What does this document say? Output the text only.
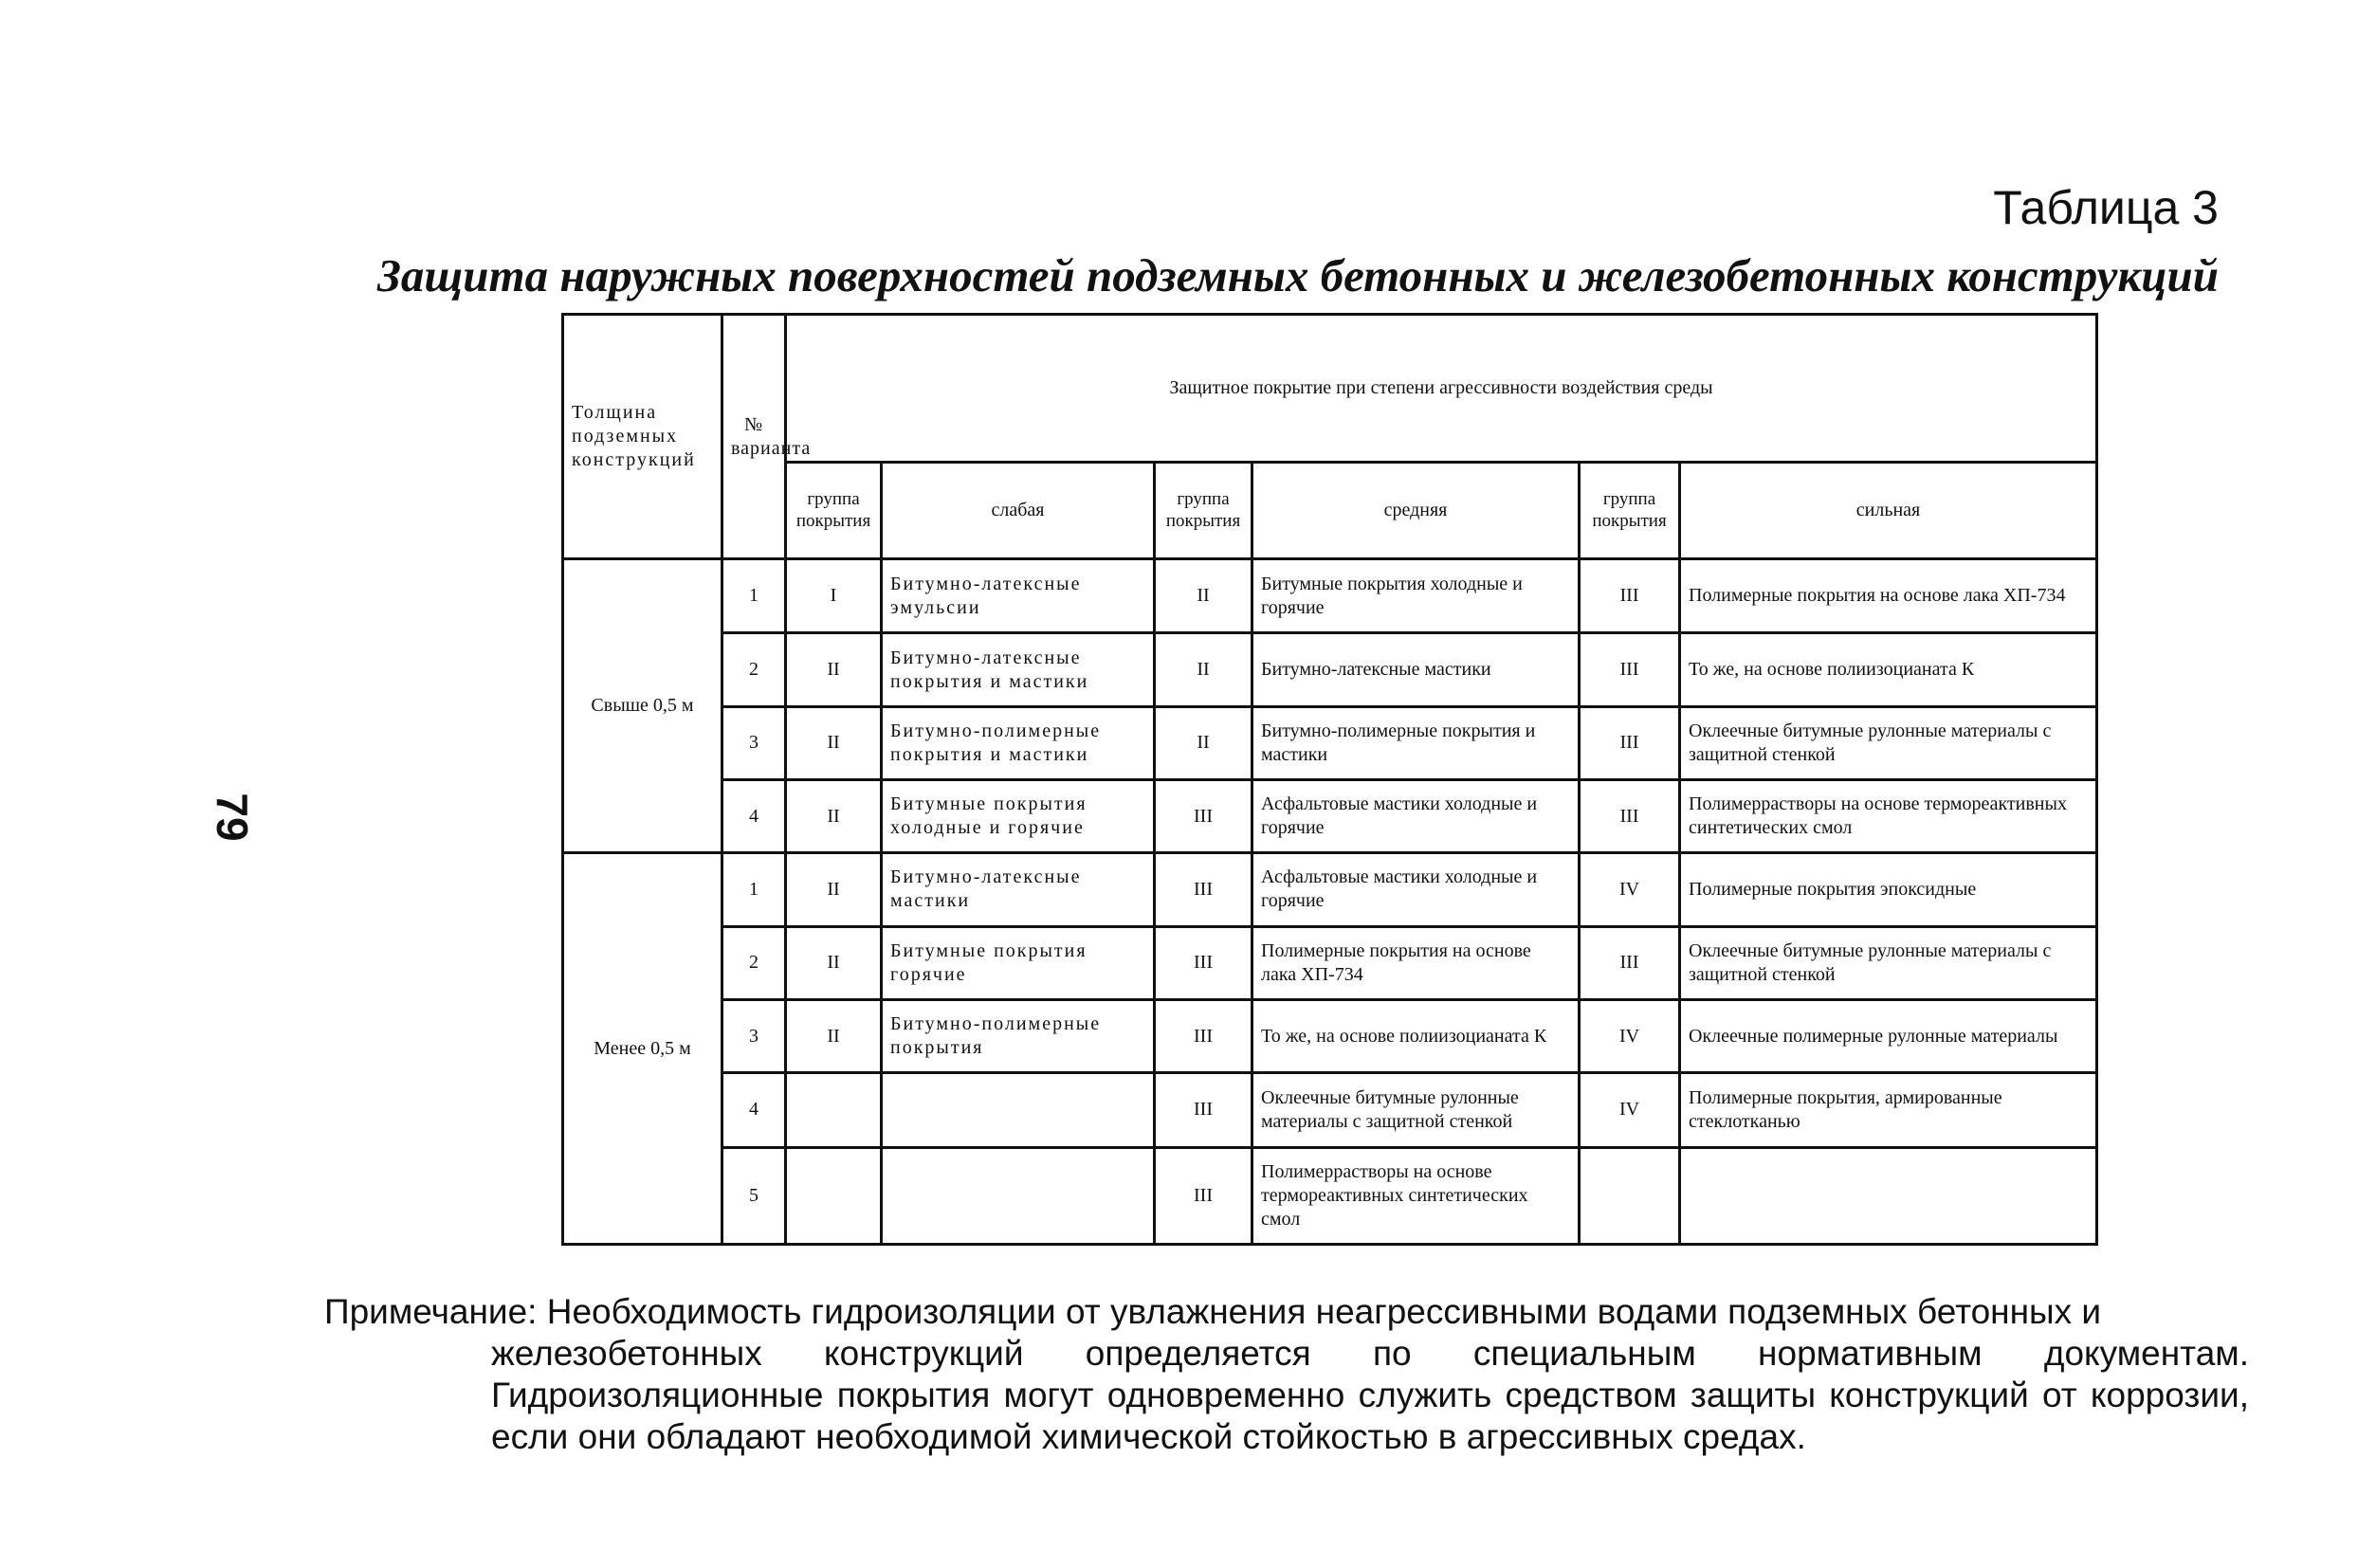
79
Таблица 3
Защита наружных поверхностей подземных бетонных и железобетонных конструкций
Толщина подземных конструкций	№ варианта	Защитное покрытие при степени агрессивности воздействия среды					
		группа покрытия	слабая	группа покрытия	средняя	группа покрытия	сильная
Свыше 0,5 м	1	I	Битумно-латексные эмульсии	II	Битумные покрытия холодные и горячие	III	Полимерные покрытия на основе лака ХП-734
	2	II	Битумно-латексные покрытия и мастики	II	Битумно-латексные мастики	III	То же, на основе полиизоцианата К
	3	II	Битумно-полимерные покрытия и мастики	II	Битумно-полимерные покрытия и мастики	III	Оклеечные битумные рулонные материалы с защитной стенкой
	4	II	Битумные покрытия холодные и горячие	III	Асфальтовые мастики холодные и горячие	III	Полимеррастворы на основе термореактивных синтетических смол
Менее 0,5 м	1	II	Битумно-латексные мастики	III	Асфальтовые мастики холодные и горячие	IV	Полимерные покрытия эпоксидные
	2	II	Битумные покрытия горячие	III	Полимерные покрытия на основе лака ХП-734	III	Оклеечные битумные рулонные материалы с защитной стенкой
	3	II	Битумно-полимерные покрытия	III	То же, на основе полиизоцианата К	IV	Оклеечные полимерные рулонные материалы
	4			III	Оклеечные битумные рулонные материалы с защитной стенкой	IV	Полимерные покрытия, армированные стеклотканью
	5			III	Полимеррастворы на основе термореактивных синтетических смол		

Примечание: Необходимость гидроизоляции от увлажнения неагрессивными водами подземных бетонных и

железобетонных конструкций определяется по специальным нормативным документам. Гидроизоляционные покрытия могут одновременно служить средством защиты конструкций от коррозии, если они обладают необходимой химической стойкостью в агрессивных средах.
